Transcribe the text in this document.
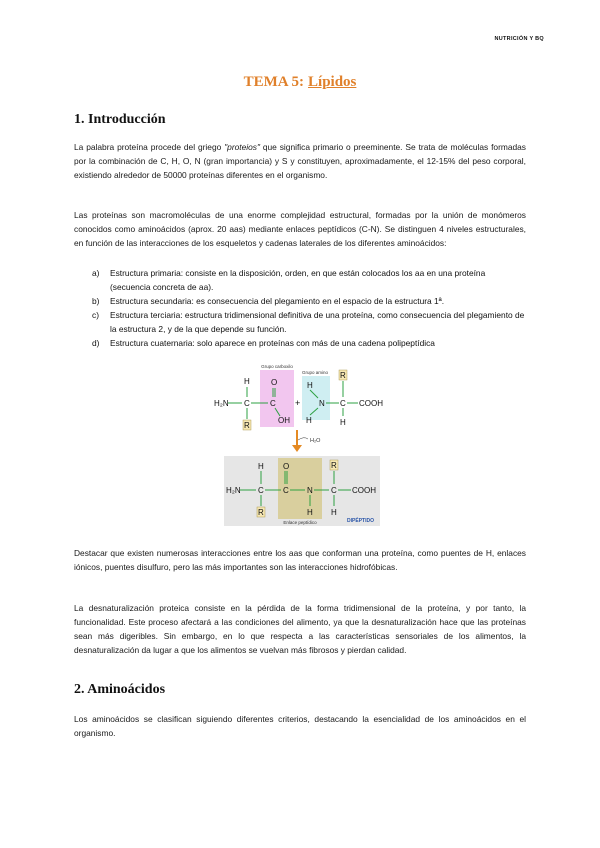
NUTRICIÓN Y BQ
TEMA 5: Lípidos
1. Introducción

La palabra proteína procede del griego "proteios" que significa primario o preeminente. Se trata de moléculas formadas por la combinación de C, H, O, N (gran importancia) y S y constituyen, aproximadamente, el 12-15% del peso corporal, existiendo alrededor de 50000 proteínas diferentes en el organismo.

Las proteínas son macromoléculas de una enorme complejidad estructural, formadas por la unión de monómeros conocidos como aminoácidos (aprox. 20 aas) mediante enlaces peptídicos (C-N). Se distinguen 4 niveles estructurales, en función de las interacciones de los esqueletos y cadenas laterales de los diferentes aminoácidos:

a) Estructura primaria: consiste en la disposición, orden, en que están colocados los aa en una proteína (secuencia concreta de aa).
b) Estructura secundaria: es consecuencia del plegamiento en el espacio de la estructura 1ª.
c) Estructura terciaria: estructura tridimensional definitiva de una proteína, como consecuencia del plegamiento de la estructura 2, y de la que depende su función.
d) Estructura cuaternaria: solo aparece en proteínas con más de una cadena polipeptídica
Grupo carboxilo
Grupo amino
H₂N C
H
R
C
O
OH
+
H
N
H
C
R
H
COOH
H₂O
Enlace peptídico	DIPÉPTIDO
H₂N C
H
R
C
O
N
H
C
R
H
COOH

Destacar que existen numerosas interacciones entre los aas que conforman una proteína, como puentes de H, enlaces iónicos, puentes disulfuro, pero las más importantes son las interacciones hidrofóbicas.

La desnaturalización proteica consiste en la pérdida de la forma tridimensional de la proteína, y por tanto, la funcionalidad. Este proceso afectará a las condiciones del alimento, ya que la desnaturalización hace que las proteínas sean más digeribles. Sin embargo, en lo que respecta a las características sensoriales de los alimentos, la desnaturalización da lugar a que los alimentos se vuelvan más fibrosos y pierdan calidad.

2. Aminoácidos

Los aminoácidos se clasifican siguiendo diferentes criterios, destacando la esencialidad de los aminoácidos en el organismo.
